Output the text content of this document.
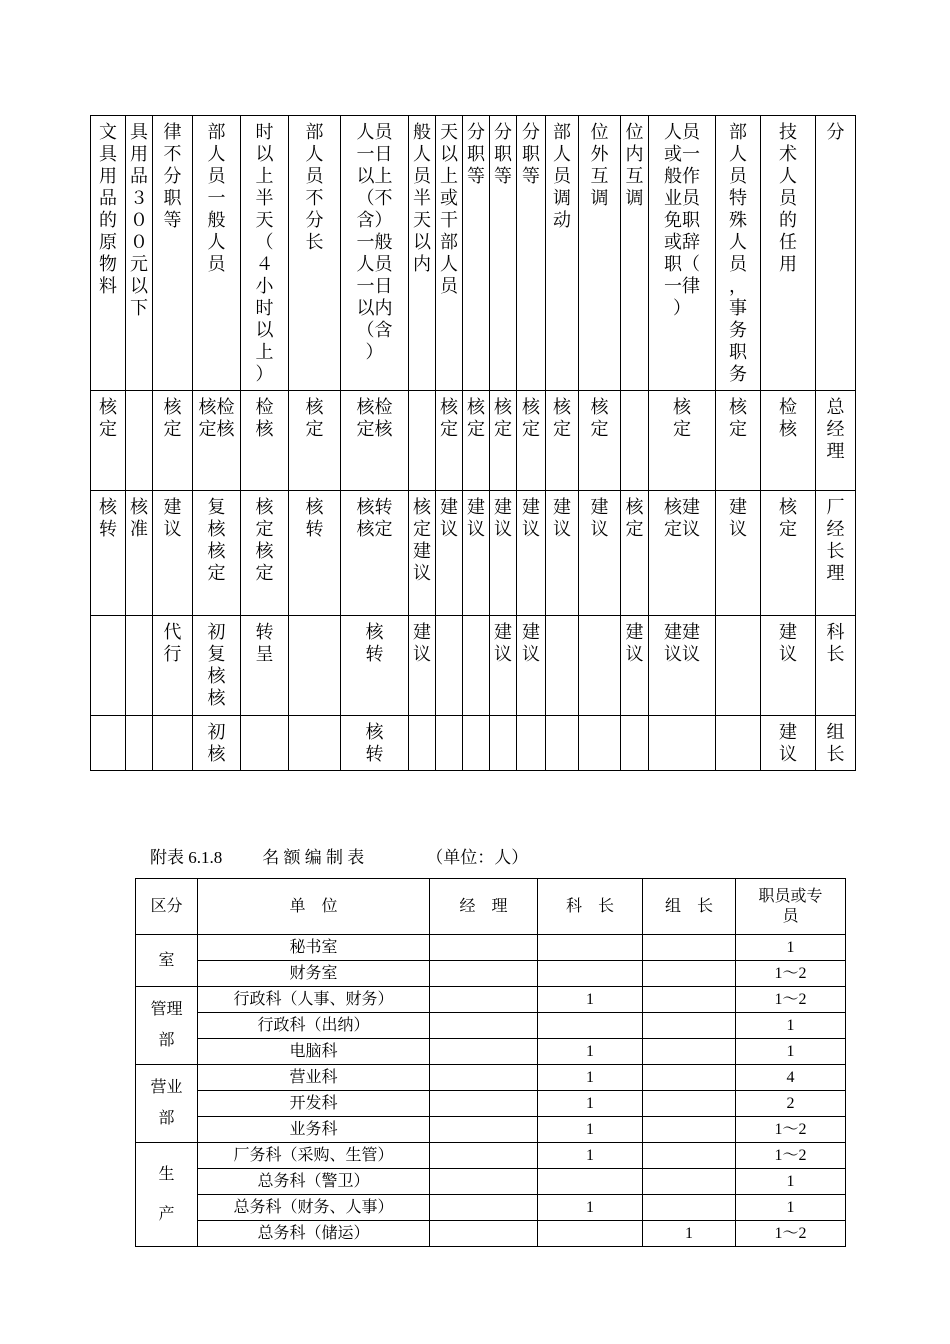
文具用品的原物料	具用品３００元以下	律不分职等	部人员一般人员	时以上半天（４小时以上）	部人员不分长	人员一日以上（不含）一般人员一日以内（含）	般人员半天以内	天以上或干部人员	分职等	分职等	分职等	部人员调动	位外互调	位内互调	人员或一般作业员免职或辞职（一律）	部人员特殊人员，事务职务	技术人员的任用	分

核定		核定	核检定核	检核	核定	核检定核		核定	核定	核定	核定	核定	核定		核定	核定	检核	总经理

核转	核准	建议	复核核定	核定核定	核转	核转核定	核定建议	建议	建议	建议	建议	建议	建议	核定	核建定议	建议	核定	厂经长理

		代行	初复核核	转呈		核转	建议			建议	建议			建议	建建议议		建议	科长

			初核			核转											建议	组长
附表 6.1.8 名 额 编 制 表	（单位：人）
区分	单　位	经　理	科　长	组　长	职员或专员

室	秘书室				1
	财务室				1～2

管理
部	行政科（人事、财务）		1		1～2
	行政科（出纳）				1
	电脑科		1		1

营业
部	营业科		1		4
	开发科		1		2
	业务科		1		1～2

生
产	厂务科（采购、生管）		1		1～2
	总务科（警卫）				1
	总务科（财务、人事）		1		1
	总务科（储运）			1	1～2
